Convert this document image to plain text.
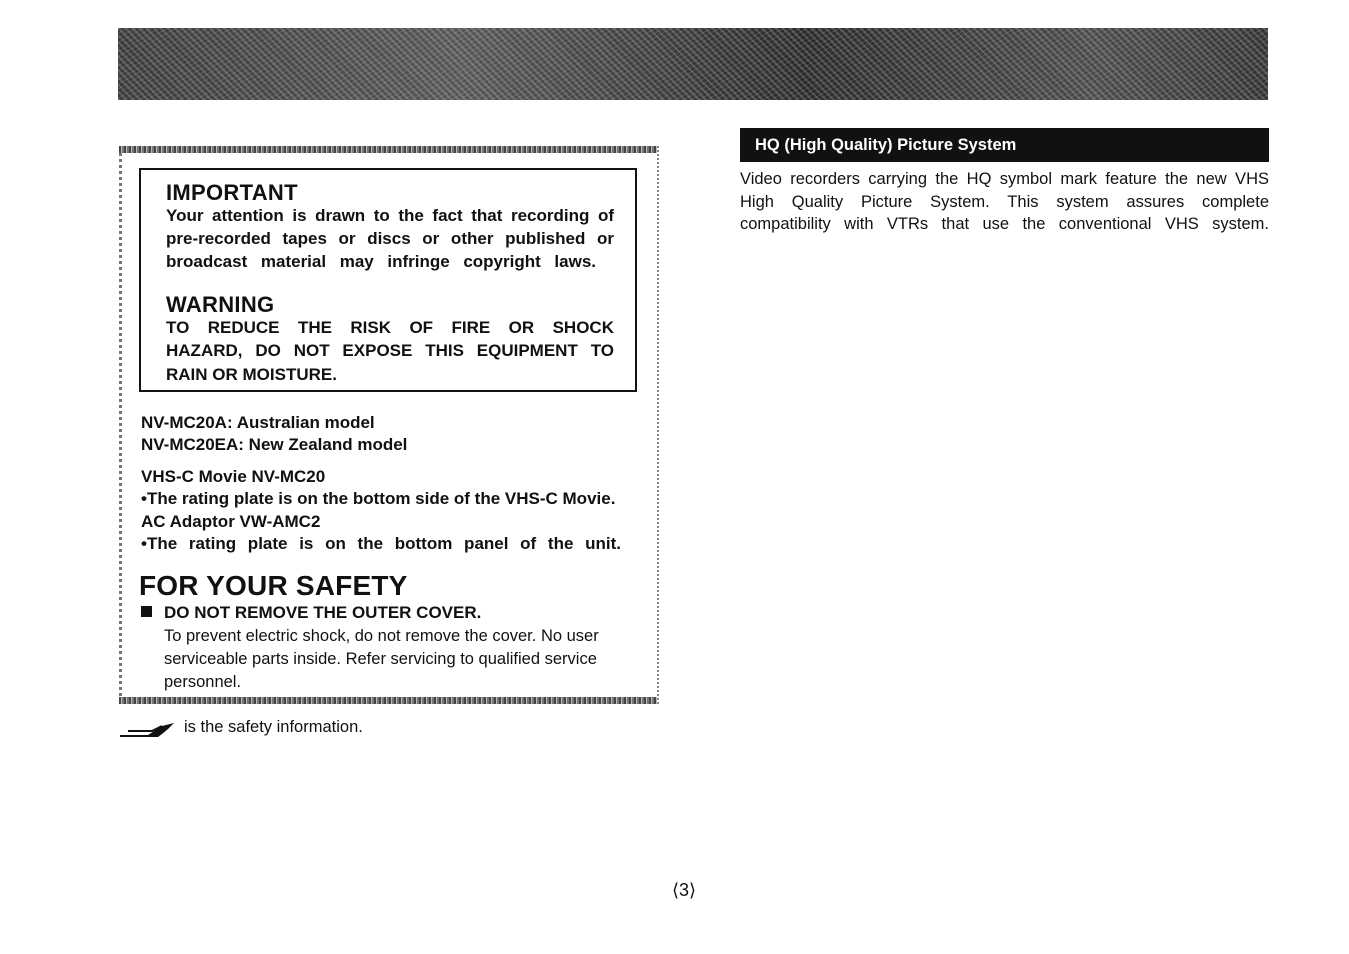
IMPORTANT
Your attention is drawn to the fact that recording of
pre-recorded tapes or discs or other published or
broadcast material may infringe copyright laws.
WARNING
TO REDUCE THE RISK OF FIRE OR SHOCK
HAZARD, DO NOT EXPOSE THIS EQUIPMENT TO
RAIN OR MOISTURE.
NV-MC20A: Australian model
NV-MC20EA: New Zealand model
VHS-C Movie NV-MC20
•The rating plate is on the bottom side of the VHS-C Movie.
AC Adaptor VW-AMC2
•The rating plate is on the bottom panel of the unit.
FOR YOUR SAFETY
DO NOT REMOVE THE OUTER COVER.
To prevent electric shock, do not remove the cover. No user
serviceable parts inside. Refer servicing to qualified service
personnel.
is the safety information.
HQ (High Quality) Picture System
Video recorders carrying the HQ symbol mark feature the new VHS
High Quality Picture System. This system assures complete
compatibility with VTRs that use the conventional VHS system.
⟨3⟩
